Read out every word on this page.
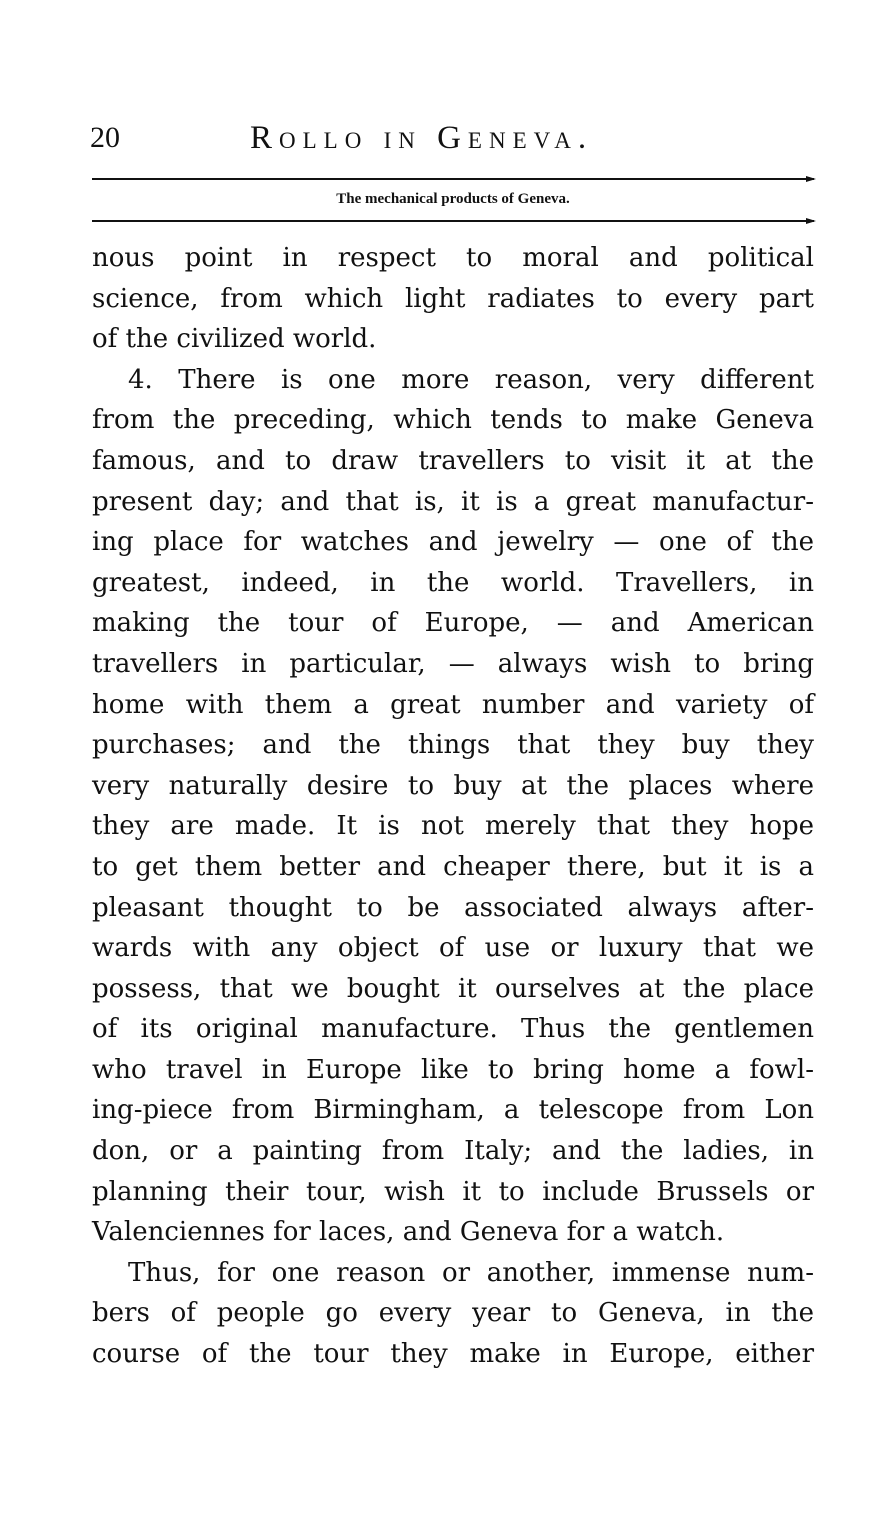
20	Rollo in Geneva.
The mechanical products of Geneva.
nous point in respect to moral and political
science, from which light radiates to every part
of the civilized world.
4. There is one more reason, very different
from the preceding, which tends to make Geneva
famous, and to draw travellers to visit it at the
present day; and that is, it is a great manufactur-
ing place for watches and jewelry — one of the
greatest, indeed, in the world. Travellers, in
making the tour of Europe, — and American
travellers in particular, — always wish to bring
home with them a great number and variety of
purchases; and the things that they buy they
very naturally desire to buy at the places where
they are made. It is not merely that they hope
to get them better and cheaper there, but it is a
pleasant thought to be associated always after-
wards with any object of use or luxury that we
possess, that we bought it ourselves at the place
of its original manufacture. Thus the gentlemen
who travel in Europe like to bring home a fowl-
ing-piece from Birmingham, a telescope from Lon
don, or a painting from Italy; and the ladies, in
planning their tour, wish it to include Brussels or
Valenciennes for laces, and Geneva for a watch.
Thus, for one reason or another, immense num-
bers of people go every year to Geneva, in the
course of the tour they make in Europe, either
